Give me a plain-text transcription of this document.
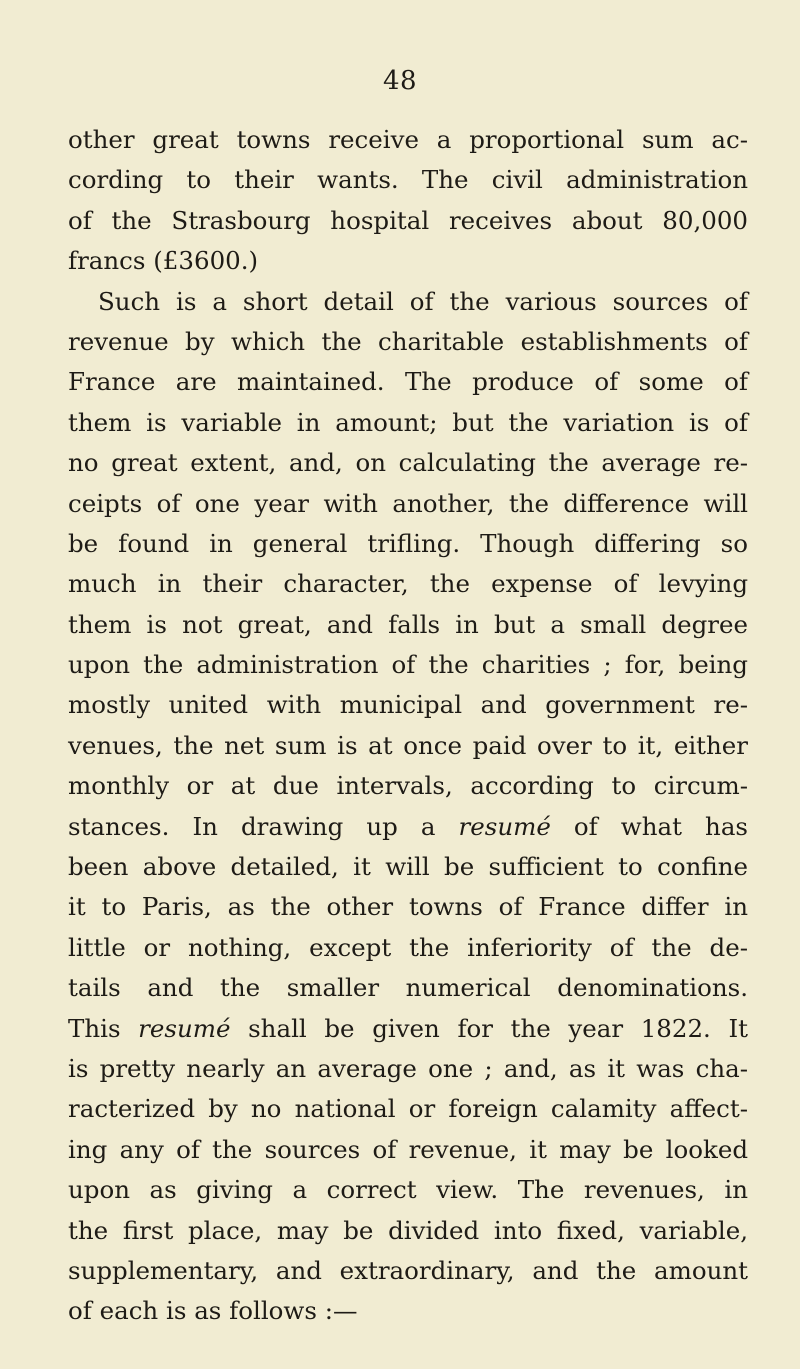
48
other great towns receive a proportional sum ac-
cording to their wants. The civil administration
of the Strasbourg hospital receives about 80,000
francs (£3600.)
Such is a short detail of the various sources of
revenue by which the charitable establishments of
France are maintained. The produce of some of
them is variable in amount; but the variation is of
no great extent, and, on calculating the average re-
ceipts of one year with another, the difference will
be found in general trifling. Though differing so
much in their character, the expense of levying
them is not great, and falls in but a small degree
upon the administration of the charities ; for, being
mostly united with municipal and government re-
venues, the net sum is at once paid over to it, either
monthly or at due intervals, according to circum-
stances. In drawing up a resumé of what has
been above detailed, it will be sufficient to confine
it to Paris, as the other towns of France differ in
little or nothing, except the inferiority of the de-
tails and the smaller numerical denominations.
This resumé shall be given for the year 1822. It
is pretty nearly an average one ; and, as it was cha-
racterized by no national or foreign calamity affect-
ing any of the sources of revenue, it may be looked
upon as giving a correct view. The revenues, in
the first place, may be divided into fixed, variable,
supplementary, and extraordinary, and the amount
of each is as follows :—
